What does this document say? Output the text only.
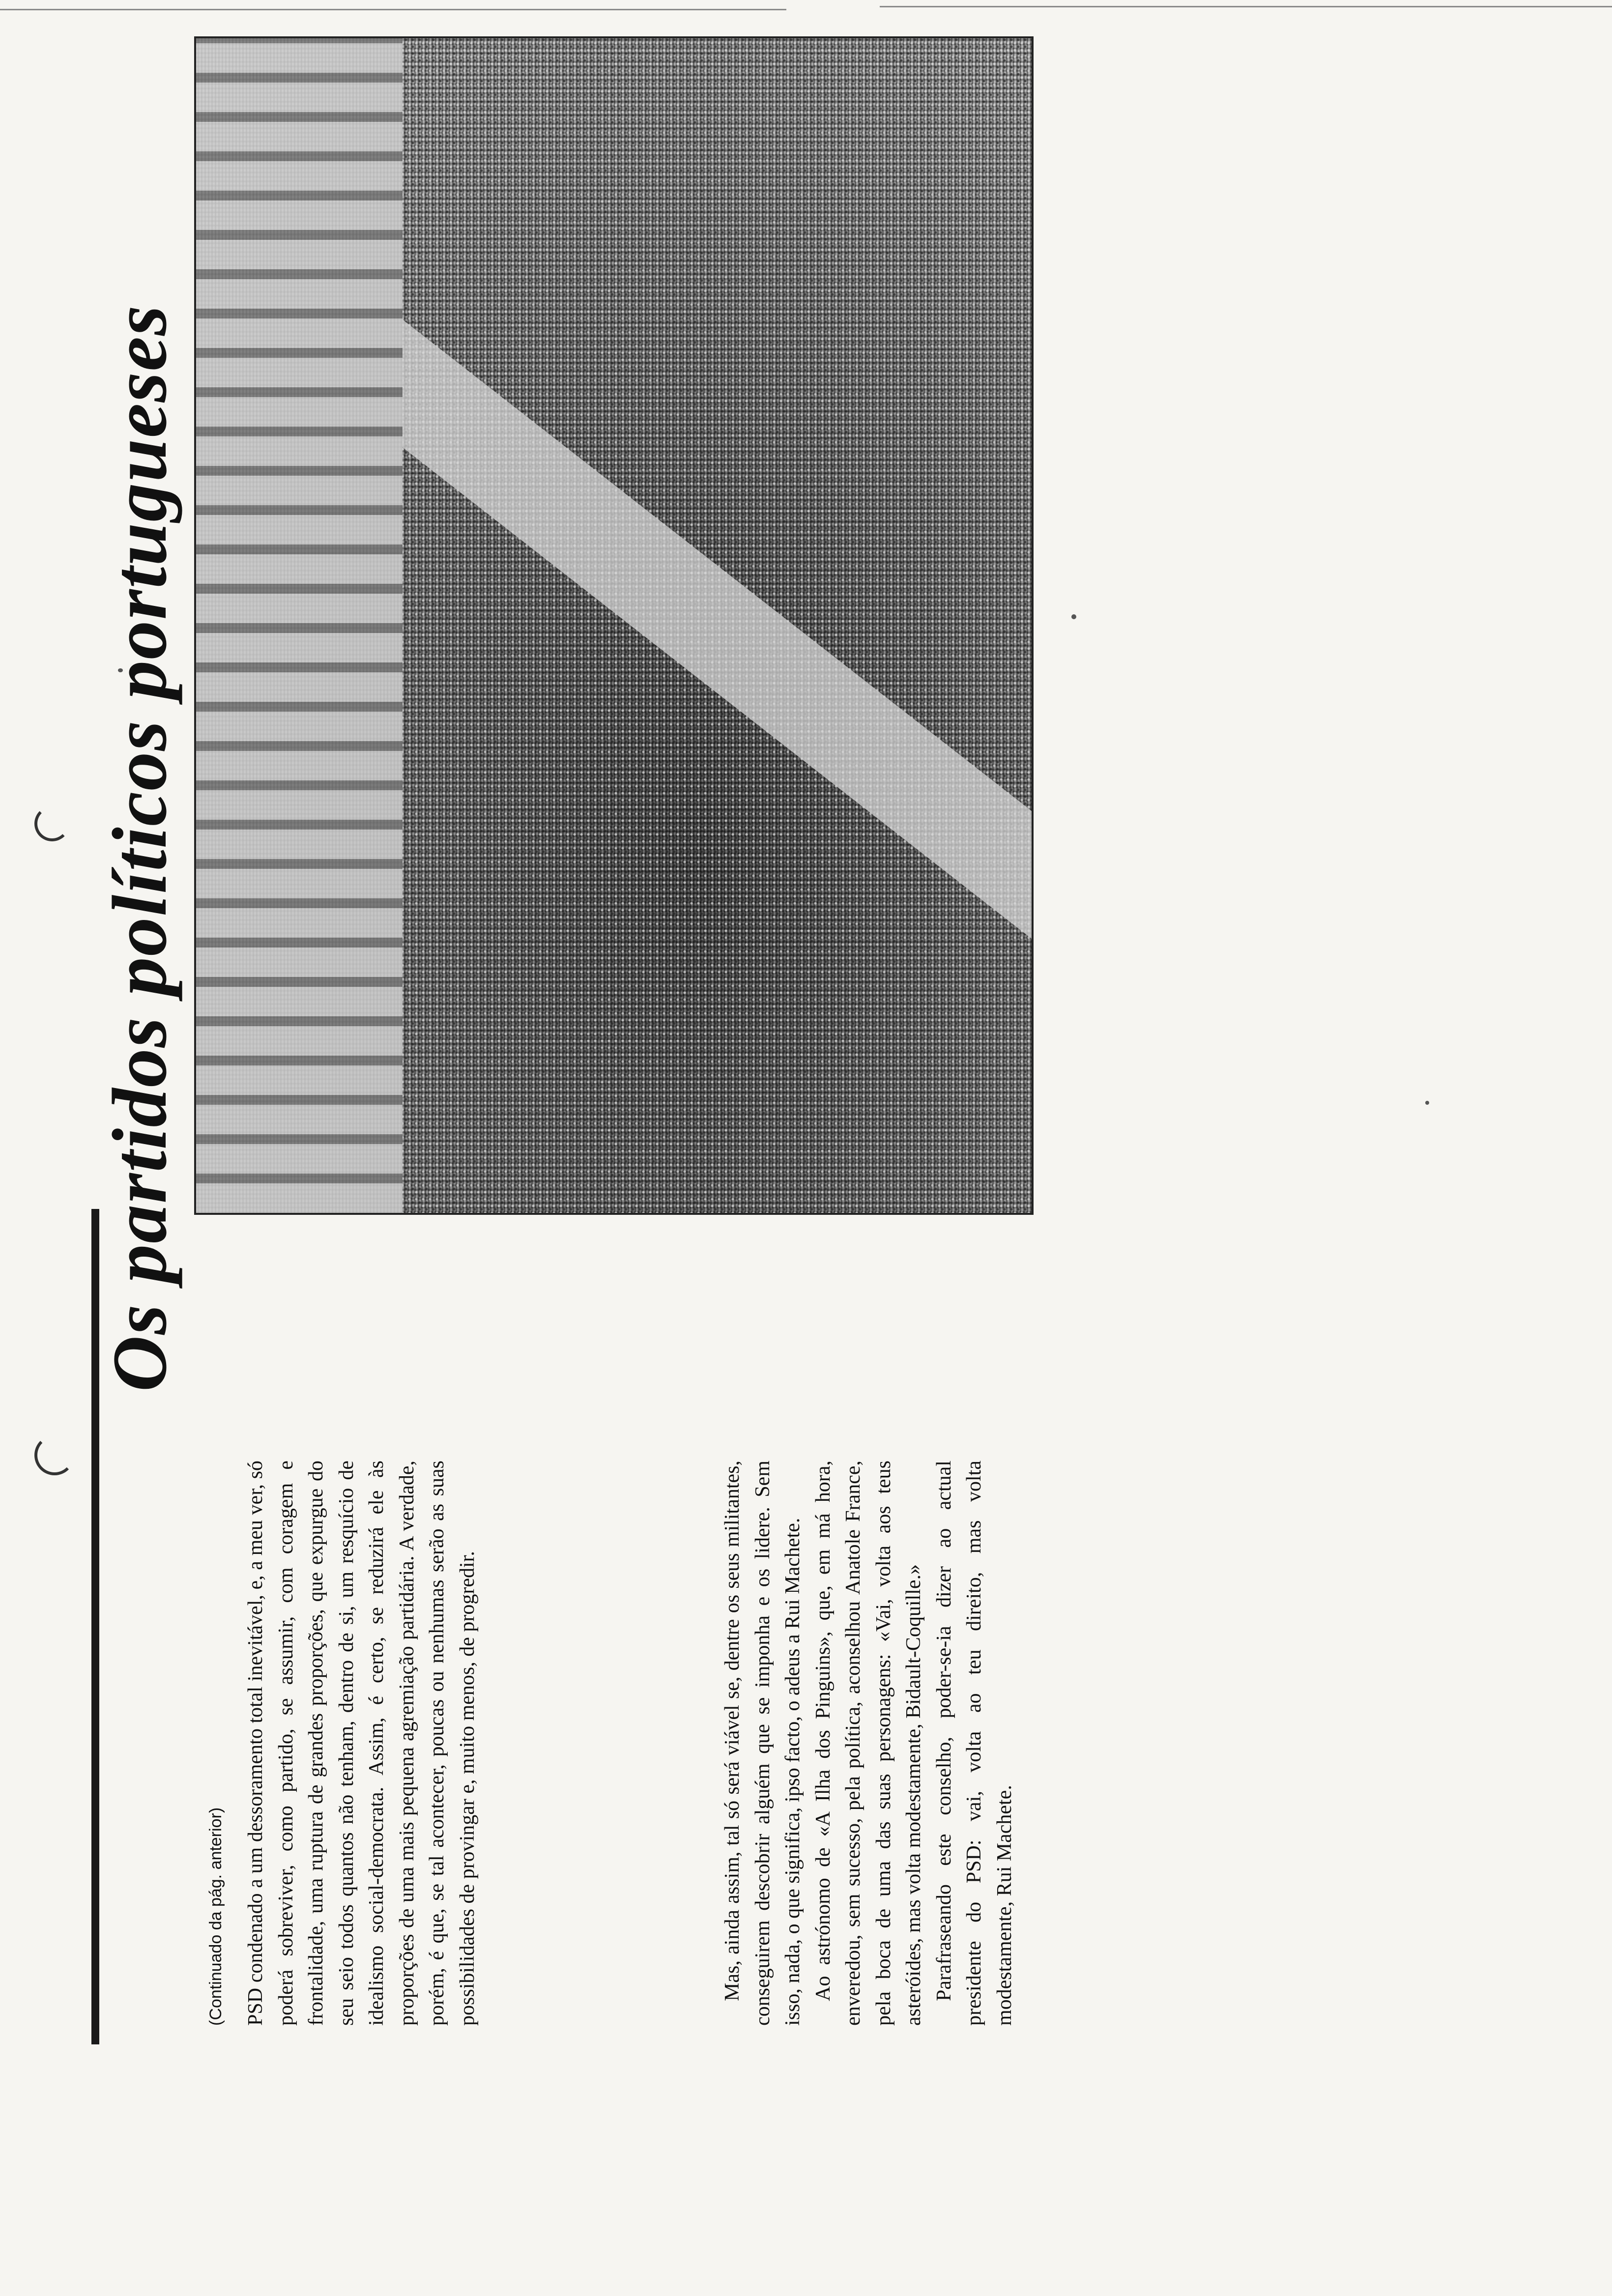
Os partidos políticos portugueses
(Continuado da pág. anterior) PSD condenado a um dessoramento total inevitável, e, a meu ver, só poderá sobreviver, como partido, se assumir, com coragem e frontalidade, uma ruptura de grandes proporções, que expurgue do seu seio todos quantos não tenham, dentro de si, um resquício de idealismo social-democrata. Assim, é certo, se reduzirá ele às proporções de uma mais pequena agremiação partidária. A verdade, porém, é que, se tal acontecer, poucas ou nenhumas serão as suas possibilidades de provingar e, muito menos, de progredir.	Mas, ainda assim, tal só será viável se, dentre os seus militantes, conseguirem descobrir alguém que se imponha e os lidere. Sem isso, nada, o que significa, ipso facto, o adeus a Rui Machete. Ao astrónomo de «A Ilha dos Pinguins», que, em má hora, enveredou, sem sucesso, pela política, aconselhou Anatole France, pela boca de uma das suas personagens: «Vai, volta aos teus asteróides, mas volta modestamente, Bidault-Coquille.» Parafraseando este conselho, poder-se-ia dizer ao actual presidente do PSD: vai, volta ao teu direito, mas volta modestamente, Rui Machete.
